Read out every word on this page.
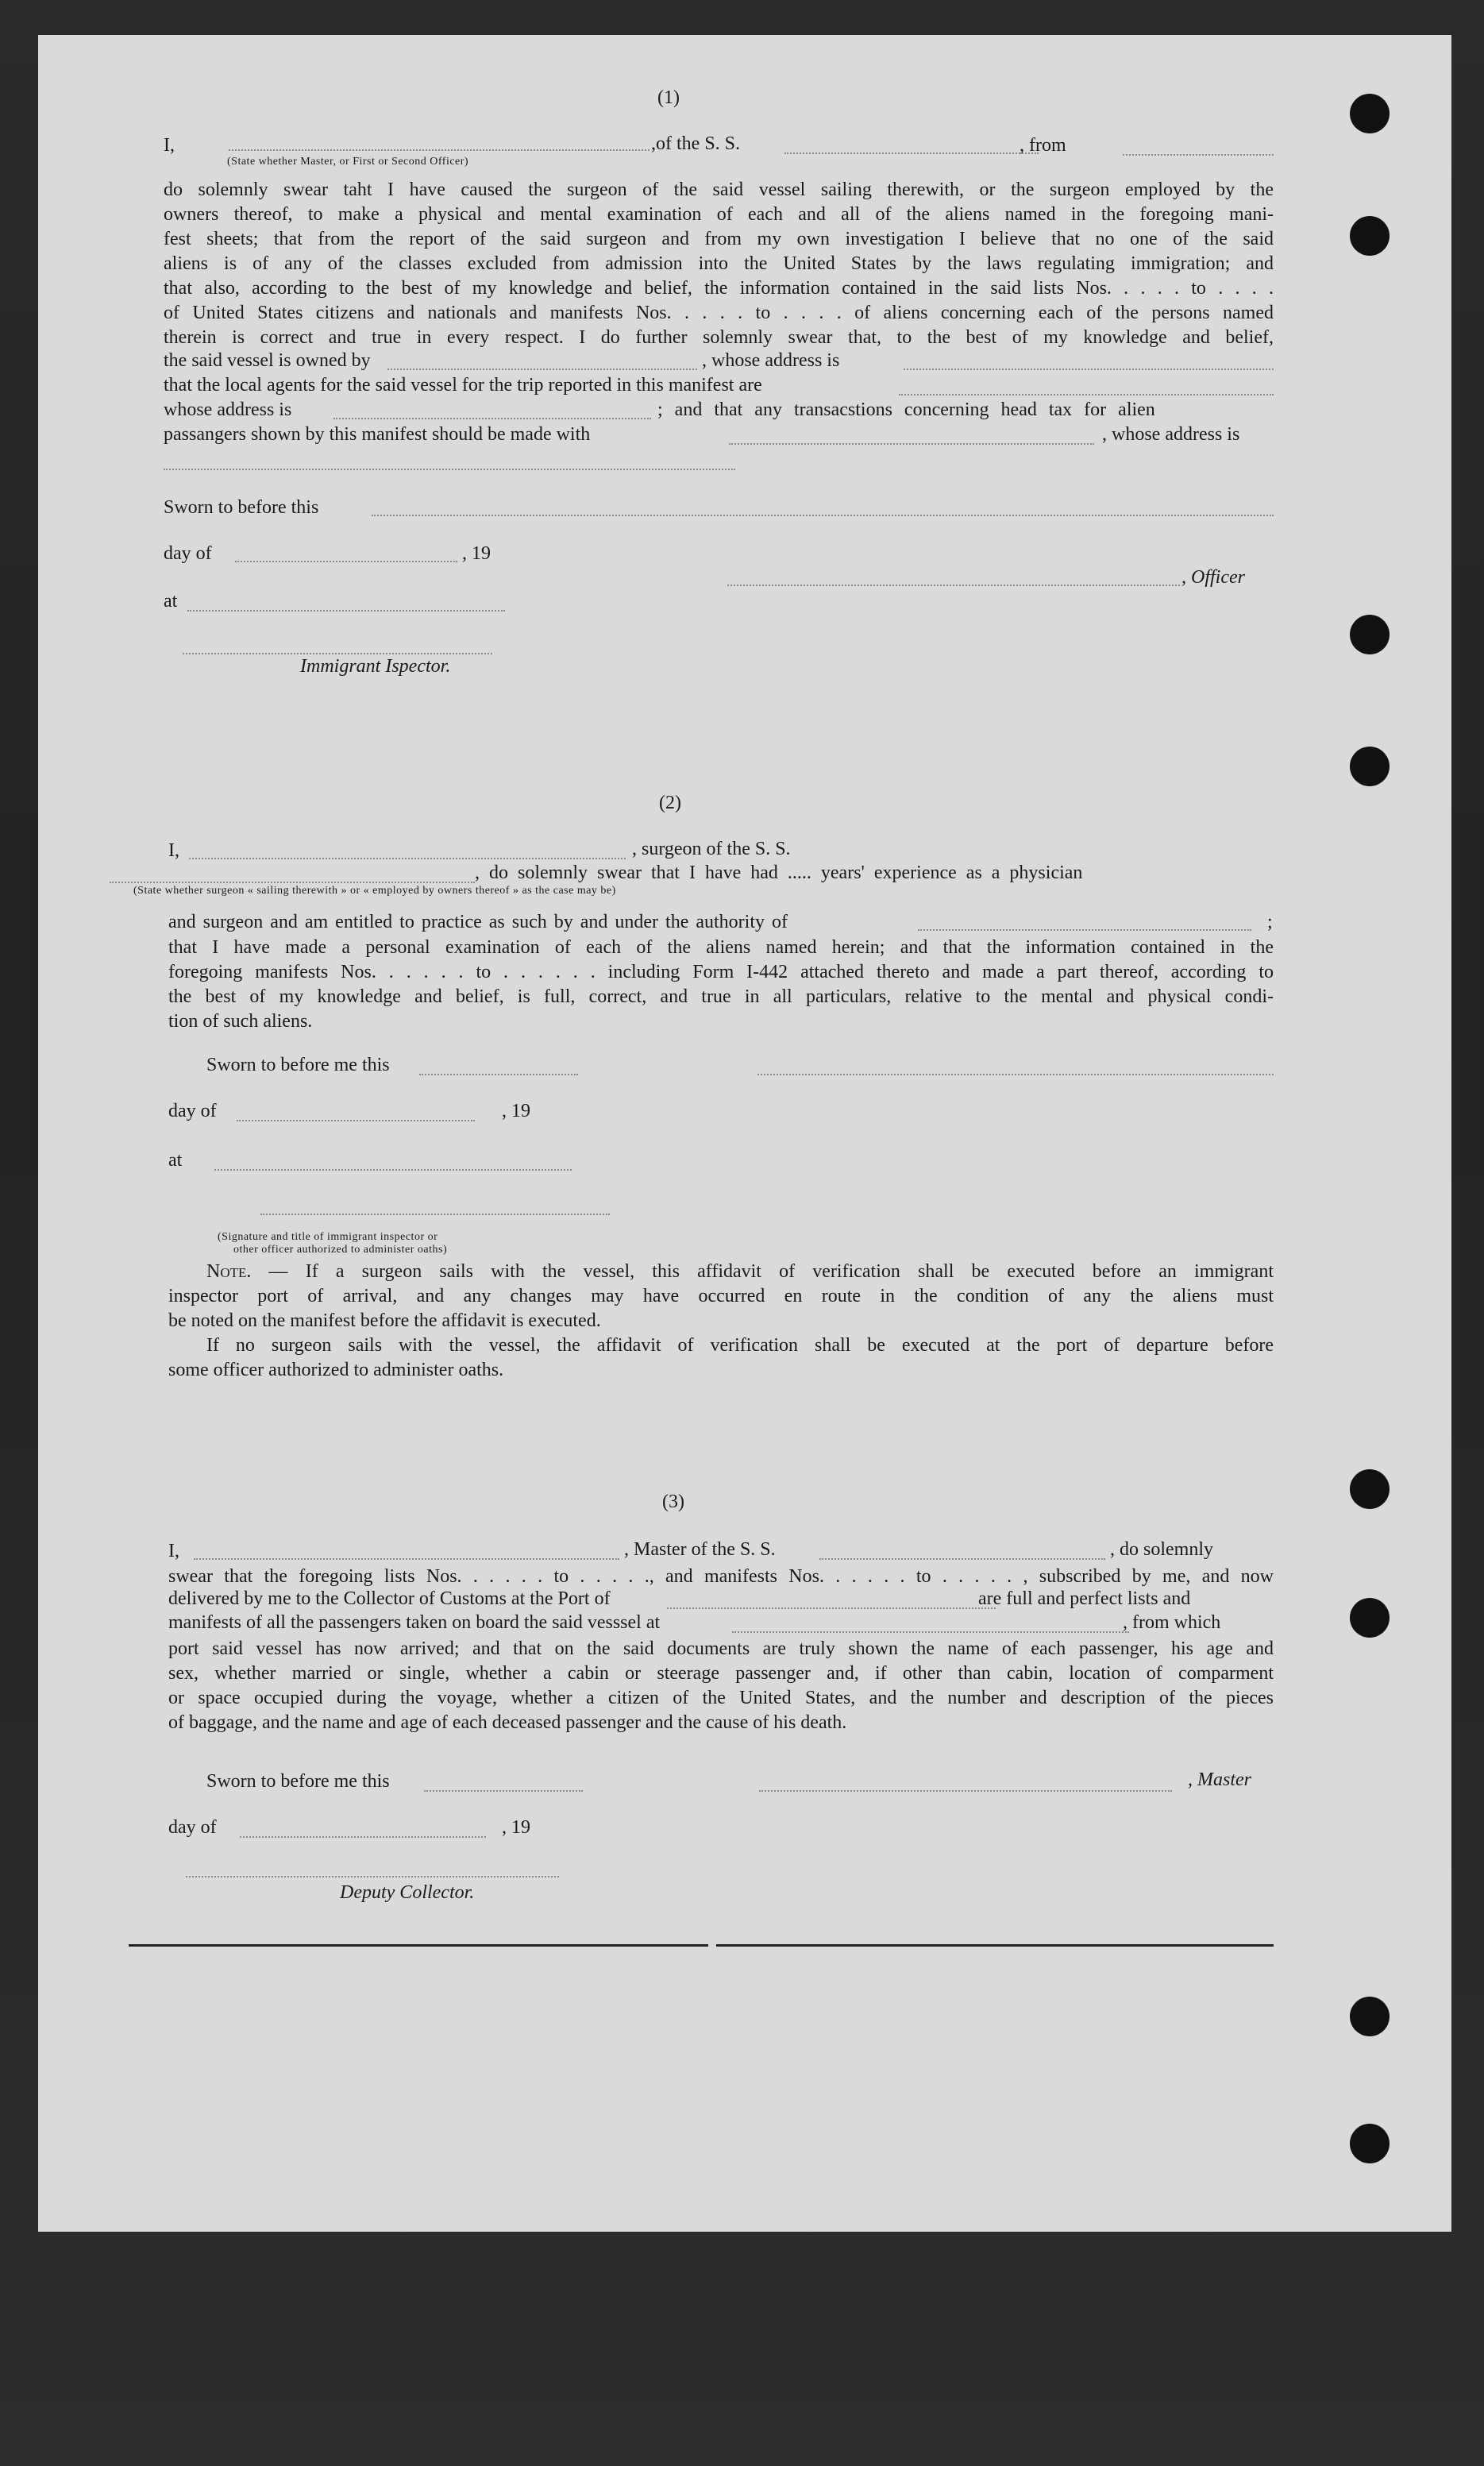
(1)
I,
(State whether Master, or First or Second Officer)
,of the S. S.	, from
do solemnly swear taht I have caused the surgeon of the said vessel sailing therewith, or the surgeon employed by the
owners thereof, to make a physical and mental examination of each and all of the aliens named in the foregoing mani-
fest sheets; that from the report of the said surgeon and from my own investigation I believe that no one of the said
aliens is of any of the classes excluded from admission into the United States by the laws regulating immigration; and
that also, according to the best of my knowledge and belief, the information contained in the said lists Nos. . . . . to . . . .
of United States citizens and nationals and manifests Nos. . . . . to . . . . of aliens concerning each of the persons named
therein is correct and true in every respect. I do further solemnly swear that, to the best of my knowledge and belief,
the said vessel is owned by	, whose address is
that the local agents for the said vessel for the trip reported in this manifest are
whose address is	; and that any transacstions concerning head tax for alien
passangers shown by this manifest should be made with	, whose address is
Sworn to before this
day of	, 19
, Officer
at
Immigrant Ispector.
(2)
I,	, surgeon of the S. S.
, do solemnly swear that I have had ..... years' experience as a physician
(State whether surgeon « sailing therewith » or « employed by owners thereof » as the case may be)
and surgeon and am entitled to practice as such by and under the authority of	;
that I have made a personal examination of each of the aliens named herein; and that the information contained in the
foregoing manifests Nos. . . . . . to . . . . . . including Form I-442 attached thereto and made a part thereof, according to
the best of my knowledge and belief, is full, correct, and true in all particulars, relative to the mental and physical condi-
tion of such aliens.
Sworn to before me this
day of	, 19
at
(Signature and title of immigrant inspector or
other officer authorized to administer oaths)
Note. — If a surgeon sails with the vessel, this affidavit of verification shall be executed before an immigrant
inspector port of arrival, and any changes may have occurred en route in the condition of any the aliens must
be noted on the manifest before the affidavit is executed.
If no surgeon sails with the vessel, the affidavit of verification shall be executed at the port of departure before
some officer authorized to administer oaths.
(3)
I,	, Master of the S. S.	, do solemnly
swear that the foregoing lists Nos. . . . . . to . . . . ., and manifests Nos. . . . . . to . . . . . , subscribed by me, and now
delivered by me to the Collector of Customs at the Port of	are full and perfect lists and
manifests of all the passengers taken on board the said vesssel at	, from which
port said vessel has now arrived; and that on the said documents are truly shown the name of each passenger, his age and
sex, whether married or single, whether a cabin or steerage passenger and, if other than cabin, location of comparment
or space occupied during the voyage, whether a citizen of the United States, and the number and description of the pieces
of baggage, and the name and age of each deceased passenger and the cause of his death.
Sworn to before me this	, Master
day of	, 19
Deputy Collector.
